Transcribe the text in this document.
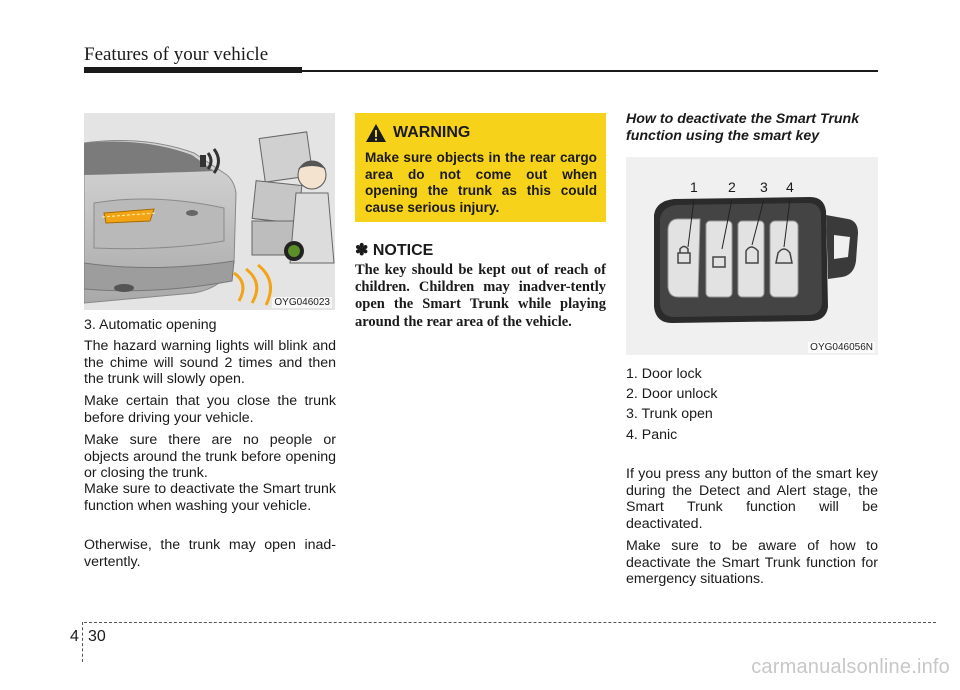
Features of your vehicle
OYG046023
3. Automatic opening
The hazard warning lights will blink and the chime will sound 2 times and then the trunk will slowly open.
Make certain that you close the trunk before driving your vehicle.
Make sure there are no people or objects around the trunk before opening or closing the trunk.
Make sure to deactivate the Smart trunk function when washing your vehicle.
Otherwise, the trunk may open inad-vertently.
WARNING
Make sure objects in the rear cargo area do not come out when opening the trunk as this could cause serious injury.
✽ NOTICE
The key should be kept out of reach of children. Children may inadver-tently open the Smart Trunk while playing around the rear area of the vehicle.
How to deactivate the Smart Trunk function using the smart key
1 2 3 4
OYG046056N
1. Door lock
2. Door unlock
3. Trunk open
4. Panic
If you press any button of the smart key during the Detect and Alert stage, the Smart Trunk function will be deactivated.
Make sure to be aware of how to deactivate the Smart Trunk function for emergency situations.
4 30
carmanualsonline.info
